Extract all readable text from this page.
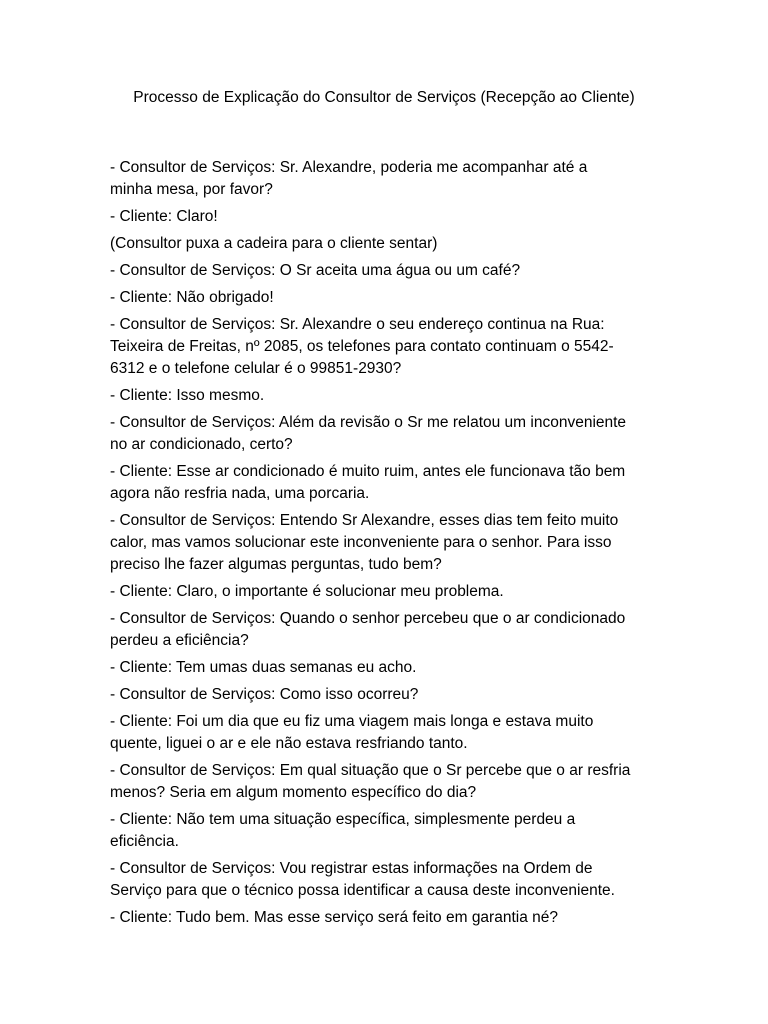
Processo de Explicação do Consultor de Serviços (Recepção ao Cliente)

- Consultor de Serviços: Sr. Alexandre, poderia me acompanhar até a
minha mesa, por favor?

- Cliente: Claro!

(Consultor puxa a cadeira para o cliente sentar)

- Consultor de Serviços: O Sr aceita uma água ou um café?

- Cliente: Não obrigado!

- Consultor de Serviços: Sr. Alexandre o seu endereço continua na Rua:
Teixeira de Freitas, nº 2085, os telefones para contato continuam o 5542-
6312 e o telefone celular é o 99851-2930?

- Cliente: Isso mesmo.

- Consultor de Serviços: Além da revisão o Sr me relatou um inconveniente
no ar condicionado, certo?

- Cliente: Esse ar condicionado é muito ruim, antes ele funcionava tão bem
agora não resfria nada, uma porcaria.

- Consultor de Serviços: Entendo Sr Alexandre, esses dias tem feito muito
calor, mas vamos solucionar este inconveniente para o senhor. Para isso
preciso lhe fazer algumas perguntas, tudo bem?

- Cliente: Claro, o importante é solucionar meu problema.

- Consultor de Serviços: Quando o senhor percebeu que o ar condicionado
perdeu a eficiência?

- Cliente: Tem umas duas semanas eu acho.

- Consultor de Serviços: Como isso ocorreu?

- Cliente: Foi um dia que eu fiz uma viagem mais longa e estava muito
quente, liguei o ar e ele não estava resfriando tanto.

- Consultor de Serviços: Em qual situação que o Sr percebe que o ar resfria
menos? Seria em algum momento específico do dia?

- Cliente: Não tem uma situação específica, simplesmente perdeu a
eficiência.

- Consultor de Serviços: Vou registrar estas informações na Ordem de
Serviço para que o técnico possa identificar a causa deste inconveniente.

- Cliente: Tudo bem. Mas esse serviço será feito em garantia né?
